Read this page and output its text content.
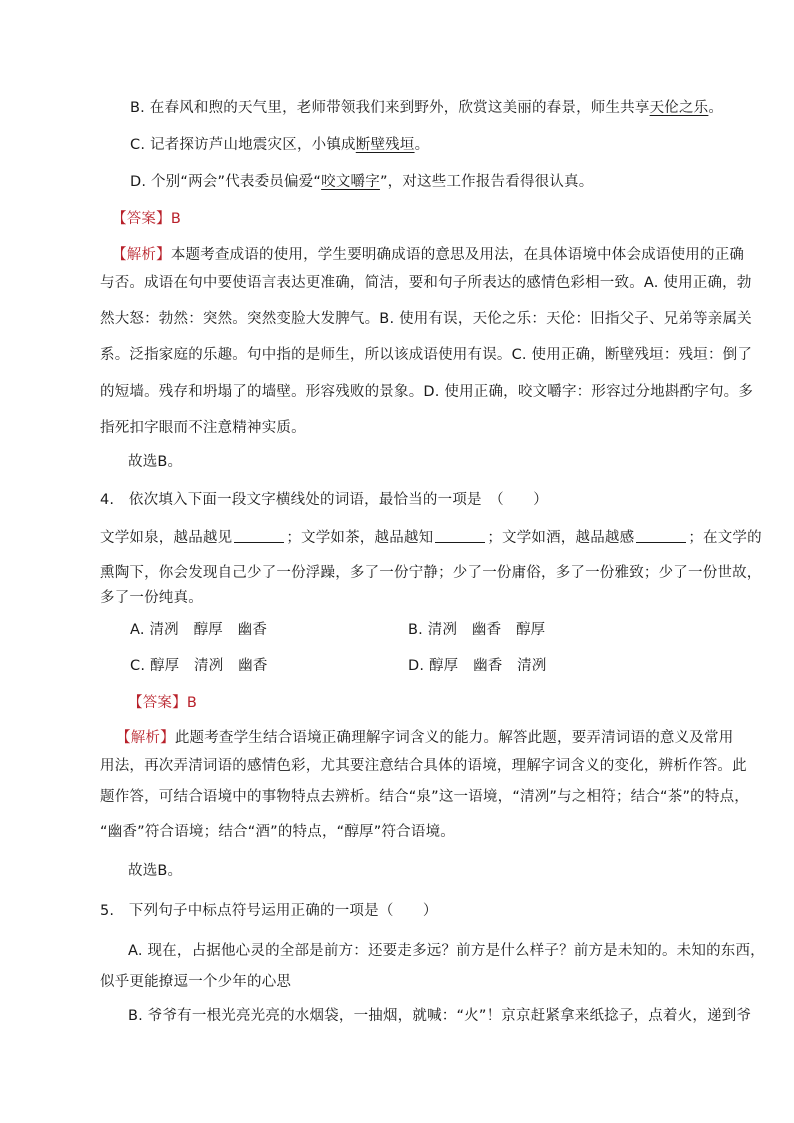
B. 在春风和煦的天气里，老师带领我们来到野外，欣赏这美丽的春景，师生共享天伦之乐。
C. 记者探访芦山地震灾区，小镇成断壁残垣。
D. 个别“两会”代表委员偏爱“咬文嚼字”，对这些工作报告看得很认真。
【答案】B
【解析】本题考查成语的使用，学生要明确成语的意思及用法，在具体语境中体会成语使用的正确
与否。成语在句中要使语言表达更准确，简洁，要和句子所表达的感情色彩相一致。A. 使用正确，勃
然大怒：勃然：突然。突然变脸大发脾气。B. 使用有误，天伦之乐：天伦：旧指父子、兄弟等亲属关
系。泛指家庭的乐趣。句中指的是师生，所以该成语使用有误。C. 使用正确，断壁残垣：残垣：倒了
的短墙。残存和坍塌了的墙壁。形容残败的景象。D. 使用正确，咬文嚼字：形容过分地斟酌字句。多
指死扣字眼而不注意精神实质。
故选B。
4.　依次填入下面一段文字横线处的词语，最恰当的一项是　（　　）
文学如泉，越品越见	；文学如茶，越品越知	；文学如酒，越品越感	；在文学的
熏陶下，你会发现自己少了一份浮躁，多了一份宁静；少了一份庸俗，多了一份雅致；少了一份世故，
多了一份纯真。
A. 清冽　醇厚　幽香	B. 清冽　幽香　醇厚
C. 醇厚　清冽　幽香	D. 醇厚　幽香　清冽
【答案】B
【解析】此题考查学生结合语境正确理解字词含义的能力。解答此题，要弄清词语的意义及常用
用法，再次弄清词语的感情色彩，尤其要注意结合具体的语境，理解字词含义的变化，辨析作答。此
题作答，可结合语境中的事物特点去辨析。结合“泉”这一语境，“清冽”与之相符；结合“茶”的特点，
“幽香”符合语境；结合“酒”的特点，“醇厚”符合语境。
故选B。
5.　下列句子中标点符号运用正确的一项是（　　）
A. 现在，占据他心灵的全部是前方：还要走多远？前方是什么样子？前方是未知的。未知的东西，
似乎更能撩逗一个少年的心思
B. 爷爷有一根光亮光亮的水烟袋，一抽烟，就喊：“火”！京京赶紧拿来纸捻子，点着火，递到爷
